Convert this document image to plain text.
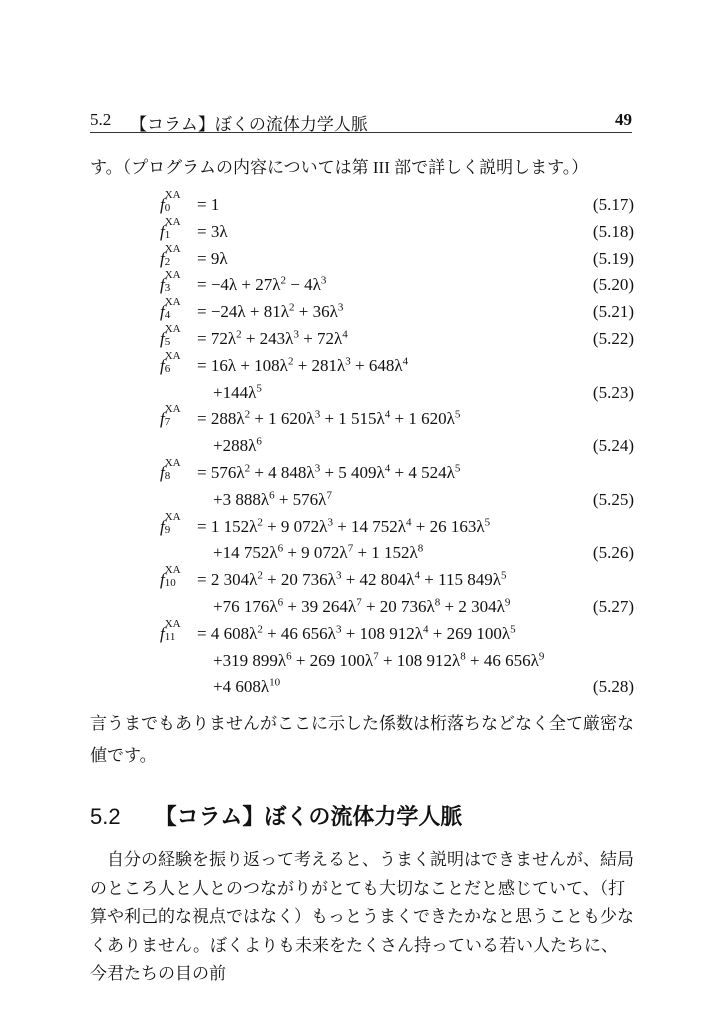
5.2 【コラム】ぼくの流体力学人脈	49
す。（プログラムの内容については第 III 部で詳しく説明します。）
f XA
0 = 1	(5.17)
f XA
1 = 3λ	(5.18)
f XA
2 = 9λ	(5.19)
f XA
$3 = -4\lambda + 27\lambda^2 - 4\lambda^3$	(5.20)
f XA
$4 = -24\lambda + 81\lambda^2 + 36\lambda^3$	(5.21)
f XA
$5 = 72\lambda^2 + 243\lambda^3 + 72\lambda^4$	(5.22)
f XA
$6 = 16\lambda + 108\lambda^2 + 281\lambda^3 + 648\lambda^4$
$+144\lambda^5$	(5.23)
f XA
$7 = 288\lambda^2 + 1$ $620\lambda^3 + 1$ $515\lambda^4 + 1$ $620\lambda^5$
$+288\lambda^6$	(5.24)
f XA
$8 = 576\lambda^2 + 4$ $848\lambda^3 + 5$ $409\lambda^4 + 4$ $524\lambda^5$
+3 $888\lambda^6 + 576\lambda^7$	(5.25)
f XA
9 = 1 $152\lambda^2 + 9$ $072\lambda^3 + 14$ $752\lambda^4 + 26$ $163\lambda^5$
+14 $752\lambda^6 + 9$ $072\lambda^7 + 1$ $152\lambda^8$	(5.26)
f XA
10 = 2 $304\lambda^2 + 20$ $736\lambda^3 + 42$ $804\lambda^4 + 115$ $849\lambda^5$
+76 $176\lambda^6 + 39$ $264\lambda^7 + 20$ $736\lambda^8 + 2$ $304\lambda^9$	(5.27)
f XA
11 = 4 $608\lambda^2 + 46$ $656\lambda^3 + 108$ $912\lambda^4 + 269$ $100\lambda^5$
+319 $899\lambda^6 + 269$ $100\lambda^7 + 108$ $912\lambda^8 + 46$ $656\lambda^9$
+4 $608\lambda^{10}$	(5.28)
言うまでもありませんがここに示した係数は桁落ちなどなく全て厳密な値です。
5.2 【コラム】ぼくの流体力学人脈
自分の経験を振り返って考えると、うまく説明はできませんが、結局のところ人と人とのつながりがとても大切なことだと感じていて、（打算や利己的な視点ではなく）もっとうまくできたかなと思うことも少なくありません。ぼくよりも未来をたくさん持っている若い人たちに、今君たちの目の前
